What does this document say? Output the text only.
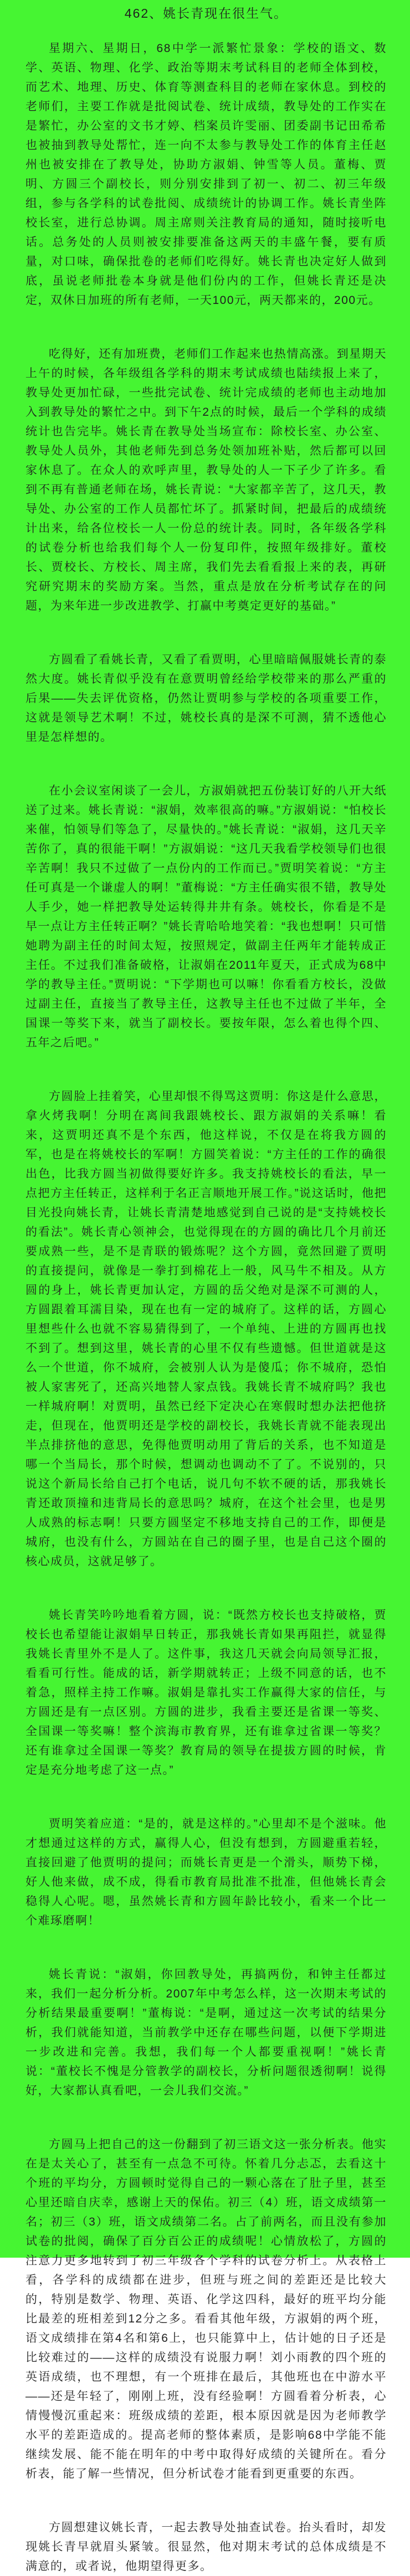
462、姚长青现在很生气。

星期六、星期日，68中学一派繁忙景象：学校的语文、数学、英语、物理、化学、政治等期末考试科目的老师全体到校，而艺术、地理、历史、体育等测查科目的老师在家休息。到校的老师们，主要工作就是批阅试卷、统计成绩，教导处的工作实在是繁忙，办公室的文书才婷、档案员许雯丽、团委副书记田希希也被抽到教导处帮忙，连一向不太参与教导处工作的体育主任赵州也被安排在了教导处，协助方淑娟、钟雪等人员。董梅、贾明、方圆三个副校长，则分别安排到了初一、初二、初三年级组，参与各学科的试卷批阅、成绩统计的协调工作。姚长青坐阵校长室，进行总协调。周主席则关注教育局的通知，随时接听电话。总务处的人员则被安排要准备这两天的丰盛午餐，要有质量，对口味，确保批卷的老师们吃得好。姚长青也决定好人做到底，虽说老师批卷本身就是他们份内的工作，但姚长青还是决定，双休日加班的所有老师，一天100元，两天都来的，200元。

吃得好，还有加班费，老师们工作起来也热情高涨。到星期天上午的时候，各年级组各学科的期末考试成绩也陆续报上来了，教导处更加忙碌，一些批完试卷、统计完成绩的老师也主动地加入到教导处的繁忙之中。到下午2点的时候，最后一个学科的成绩统计也告完毕。姚长青在教导处当场宣布：除校长室、办公室、教导处人员外，其他老师先到总务处领加班补贴，然后都可以回家休息了。在众人的欢呼声里，教导处的人一下子少了许多。看到不再有普通老师在场，姚长青说：“大家都辛苦了，这几天，教导处、办公室的工作人员都忙坏了。抓紧时间，把最后的成绩统计出来，给各位校长一人一份总的统计表。同时，各年级各学科的试卷分析也给我们每个人一份复印件，按照年级排好。董校长、贾校长、方校长、周主席，我们先去看看报上来的表，再研究研究期末的奖励方案。当然，重点是放在分析考试存在的问题，为来年进一步改进教学、打赢中考奠定更好的基础。”

方圆看了看姚长青，又看了看贾明，心里暗暗佩服姚长青的泰然大度。姚长青似乎没有在意贾明曾经给学校带来的那么严重的后果——失去评优资格，仍然让贾明参与学校的各项重要工作，这就是领导艺术啊！不过，姚校长真的是深不可测，猜不透他心里是怎样想的。

在小会议室闲谈了一会儿，方淑娟就把五份装订好的八开大纸送了过来。姚长青说：“淑娟，效率很高的嘛。”方淑娟说：“怕校长来催，怕领导们等急了，尽量快的。”姚长青说：“淑娟，这几天辛苦你了，真的很能干啊！”方淑娟说：“这几天我看学校领导们也很辛苦啊！我只不过做了一点份内的工作而已。”贾明笑着说：“方主任可真是一个谦虚人的啊！”董梅说：“方主任确实很不错，教导处人手少，她一样把教导处运转得井井有条。姚校长，你看是不是早一点让方主任转正啊？”姚长青哈哈地笑着：“我也想啊！只可惜她聘为副主任的时间太短，按照规定，做副主任两年才能转成正主任。不过我们准备破格，让淑娟在2011年夏天，正式成为68中学的教导主任。”贾明说：“下学期也可以嘛！你看看方校长，没做过副主任，直接当了教导主任，这教导主任也不过做了半年，全国课一等奖下来，就当了副校长。要按年限，怎么着也得个四、五年之后吧。”

方圆脸上挂着笑，心里却恨不得骂这贾明：你这是什么意思，拿火烤我啊！分明在离间我跟姚校长、跟方淑娟的关系嘛！看来，这贾明还真不是个东西，他这样说，不仅是在将我方圆的军，也是在将姚校长的军啊！方圆笑着说：“方主任的工作的确很出色，比我方圆当初做得要好许多。我支持姚校长的看法，早一点把方主任转正，这样利于名正言顺地开展工作。”说这话时，他把目光投向姚长青，让姚长青清楚地感觉到自己说的是“支持姚校长的看法”。姚长青心领神会，也觉得现在的方圆的确比几个月前还要成熟一些，是不是青联的锻炼呢？这个方圆，竟然回避了贾明的直接提问，就像是一拳打到棉花上一般，风马牛不相及。从方圆的身上，姚长青更加认定，方圆的岳父绝对是深不可测的人，方圆跟着耳濡目染，现在也有一定的城府了。这样的话，方圆心里想些什么也就不容易猜得到了，一个单纯、上进的方圆再也找不到了。想到这里，姚长青的心里不仅有些遗憾。但世道就是这么一个世道，你不城府，会被别人认为是傻瓜；你不城府，恐怕被人家害死了，还高兴地替人家点钱。我姚长青不城府吗？我也一样城府啊！对贾明，虽然已经下定决心在寒假时想办法把他挤走，但现在，他贾明还是学校的副校长，我姚长青就不能表现出半点排挤他的意思，免得他贾明动用了背后的关系，也不知道是哪一个当局长，那个时候，想调动也调动不了了。不说别的，只说这个新局长给自己打个电话，说几句不软不硬的话，那我姚长青还敢顶撞和违背局长的意思吗？城府，在这个社会里，也是男人成熟的标志啊！只要方圆坚定不移地支持自己的工作，即便是城府，也没有什么，方圆站在自己的圈子里，也是自己这个圈的核心成员，这就足够了。

姚长青笑吟吟地看着方圆，说：“既然方校长也支持破格，贾校长也希望能让淑娟早日转正，那我姚长青如果再阻拦，就显得我姚长青里外不是人了。这件事，我这几天就会向局领导汇报，看看可行性。能成的话，新学期就转正；上级不同意的话，也不着急，照样主持工作嘛。淑娟是靠扎实工作赢得大家的信任，与方圆还是有一点区别。方圆的进步，我看主要还是省课一等奖、全国课一等奖嘛！整个滨海市教育界，还有谁拿过省课一等奖？还有谁拿过全国课一等奖？教育局的领导在提拔方圆的时候，肯定是充分地考虑了这一点。”

贾明笑着应道：“是的，就是这样的。”心里却不是个滋味。他才想通过这样的方式，赢得人心，但没有想到，方圆避重若轻，直接回避了他贾明的提问；而姚长青更是一个滑头，顺势下梯，好人他来做，成不成，得看市教育局批准不批准，但他姚长青会稳得人心呢。嗯，虽然姚长青和方圆年龄比较小，看来一个比一个难琢磨啊！

姚长青说：“淑娟，你回教导处，再搞两份，和钟主任都过来，我们一起分析分析。2007年中考怎么样，这一次期末考试的分析结果最重要啊！”董梅说：“是啊，通过这一次考试的结果分析，我们就能知道，当前教学中还存在哪些问题，以便下学期进一步改进和完善。我想，我们每一个人都要重视啊！”姚长青说：“董校长不愧是分管教学的副校长，分析问题很透彻啊！说得好，大家都认真看吧，一会儿我们交流。”

方圆马上把自己的这一份翻到了初三语文这一张分析表。他实在是太关心了，甚至有一点急不可待。怀着几分忐忑，去看这十个班的平均分，方圆顿时觉得自己的一颗心落在了肚子里，甚至心里还暗自庆幸，感谢上天的保佑。初三（4）班，语文成绩第一名；初三（3）班，语文成绩第二名。占了前两名，而且没有参加试卷的批阅，确保了百分百公正的成绩呢！心情放松了，方圆的注意力更多地转到了初三年级各个学科的试卷分析上。从表格上看，各学科的成绩都在进步，但班与班之间的差距还是比较大的，特别是数学、物理、英语、化学这四科，最好的班平均分能比最差的班相差到12分之多。看看其他年级，方淑娟的两个班，语文成绩排在第4名和第6上，也只能算中上，估计她的日子还是比较难过的——这样的成绩没有说服力啊！刘小雨教的四个班的英语成绩，也不理想，有一个班排在最后，其他班也在中游水平——还是年轻了，刚刚上班，没有经验啊！方圆看着分析表，心情慢慢沉重起来：班级成绩的差距，根本原因就是因为老师教学水平的差距造成的。提高老师的整体素质，是影响68中学能不能继续发展、能不能在明年的中考中取得好成绩的关键所在。看分析表，能了解一些情况，但分析试卷才能看到更重要的东西。

方圆想建议姚长青，一起去教导处抽查试卷。抬头看时，却发现姚长青早就眉头紧皱。很显然，他对期末考试的总体成绩是不满意的，或者说，他期望得更多。
